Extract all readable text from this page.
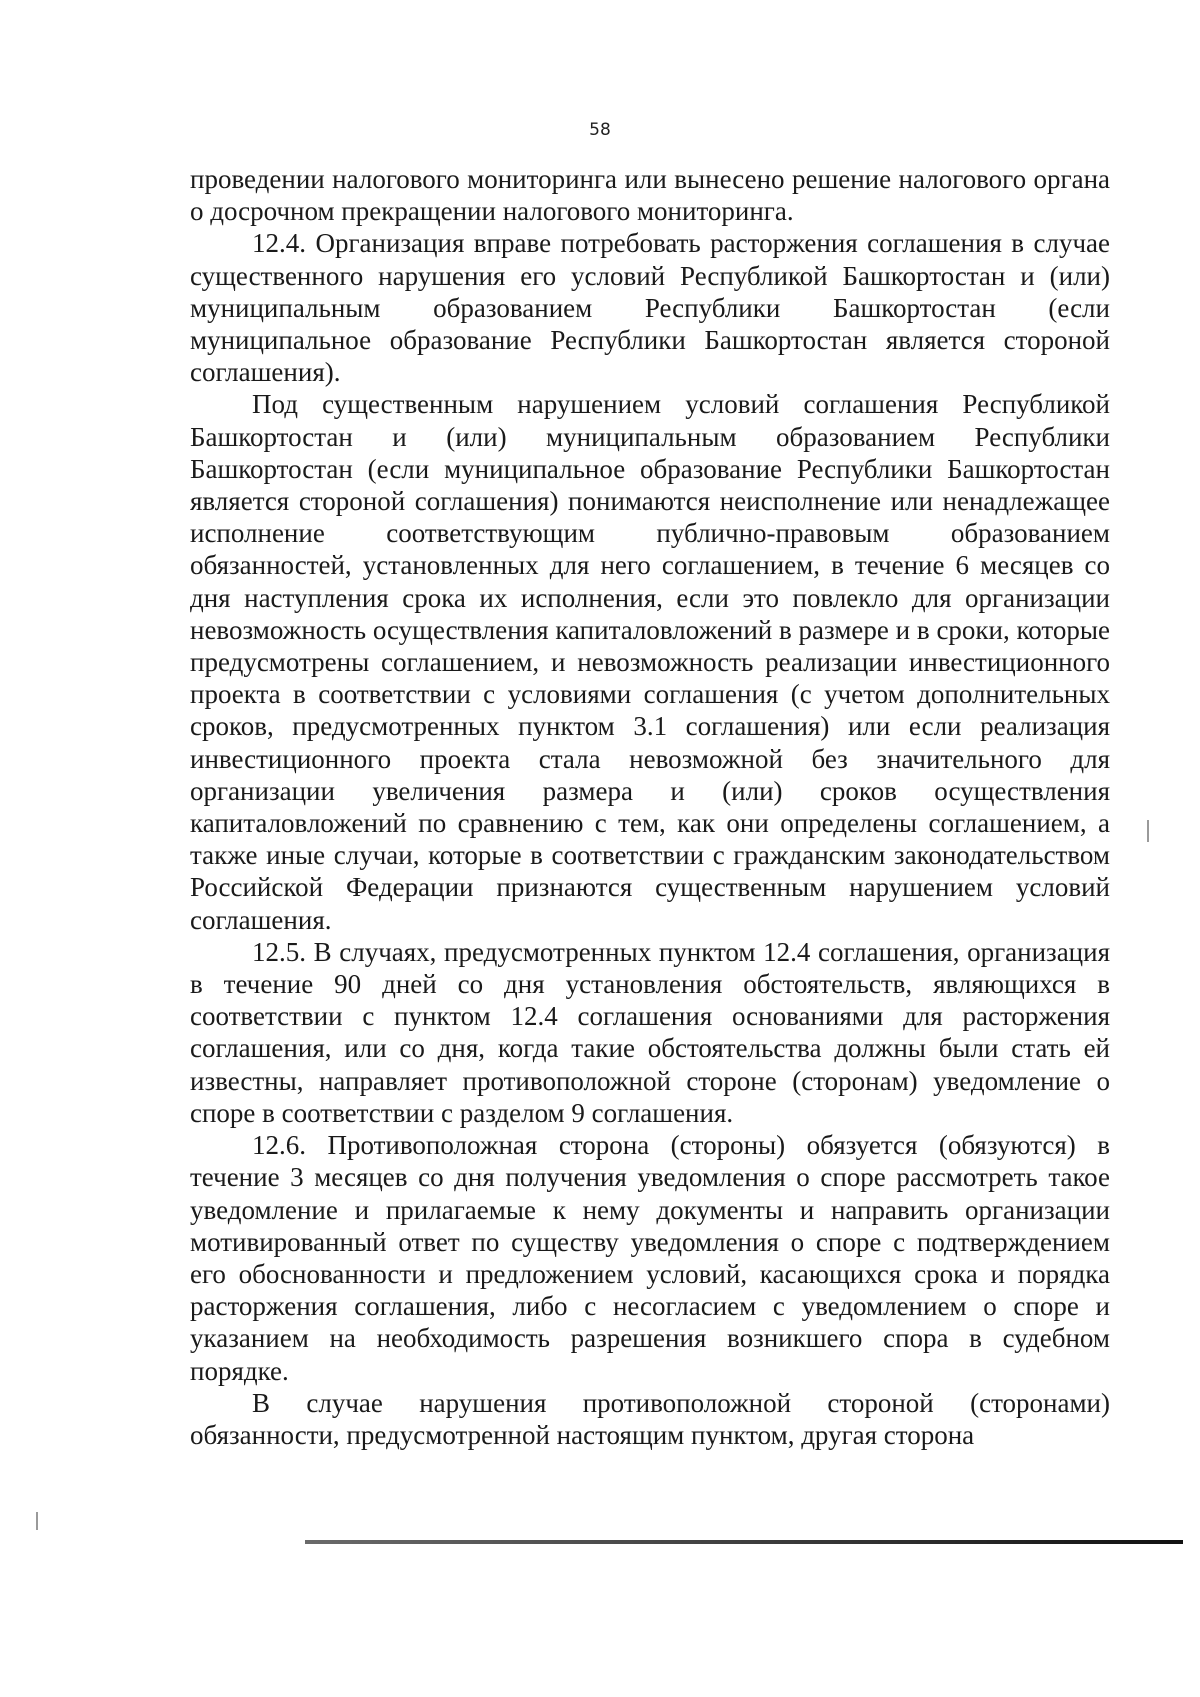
58

проведении налогового мониторинга или вынесено решение налогового органа о досрочном прекращении налогового мониторинга.

12.4. Организация вправе потребовать расторжения соглашения в случае существенного нарушения его условий Республикой Башкортостан и (или) муниципальным образованием Республики Башкортостан (если муниципальное образование Республики Башкортостан является стороной соглашения).

Под существенным нарушением условий соглашения Республикой Башкортостан и (или) муниципальным образованием Республики Башкортостан (если муниципальное образование Республики Башкортостан является стороной соглашения) понимаются неисполнение или ненадлежащее исполнение соответствующим публично-правовым образованием обязанностей, установленных для него соглашением, в течение 6 месяцев со дня наступления срока их исполнения, если это повлекло для организации невозможность осуществления капиталовложений в размере и в сроки, которые предусмотрены соглашением, и невозможность реализации инвестиционного проекта в соответствии с условиями соглашения (с учетом дополнительных сроков, предусмотренных пунктом 3.1 соглашения) или если реализация инвестиционного проекта стала невозможной без значительного для организации увеличения размера и (или) сроков осуществления капиталовложений по сравнению с тем, как они определены соглашением, а также иные случаи, которые в соответствии с гражданским законодательством Российской Федерации признаются существенным нарушением условий соглашения.

12.5. В случаях, предусмотренных пунктом 12.4 соглашения, организация в течение 90 дней со дня установления обстоятельств, являющихся в соответствии с пунктом 12.4 соглашения основаниями для расторжения соглашения, или со дня, когда такие обстоятельства должны были стать ей известны, направляет противоположной стороне (сторонам) уведомление о споре в соответствии с разделом 9 соглашения.

12.6. Противоположная сторона (стороны) обязуется (обязуются) в течение 3 месяцев со дня получения уведомления о споре рассмотреть такое уведомление и прилагаемые к нему документы и направить организации мотивированный ответ по существу уведомления о споре с подтверждением его обоснованности и предложением условий, касающихся срока и порядка расторжения соглашения, либо с несогласием с уведомлением о споре и указанием на необходимость разрешения возникшего спора в судебном порядке.

В случае нарушения противоположной стороной (сторонами) обязанности, предусмотренной настоящим пунктом, другая сторона
